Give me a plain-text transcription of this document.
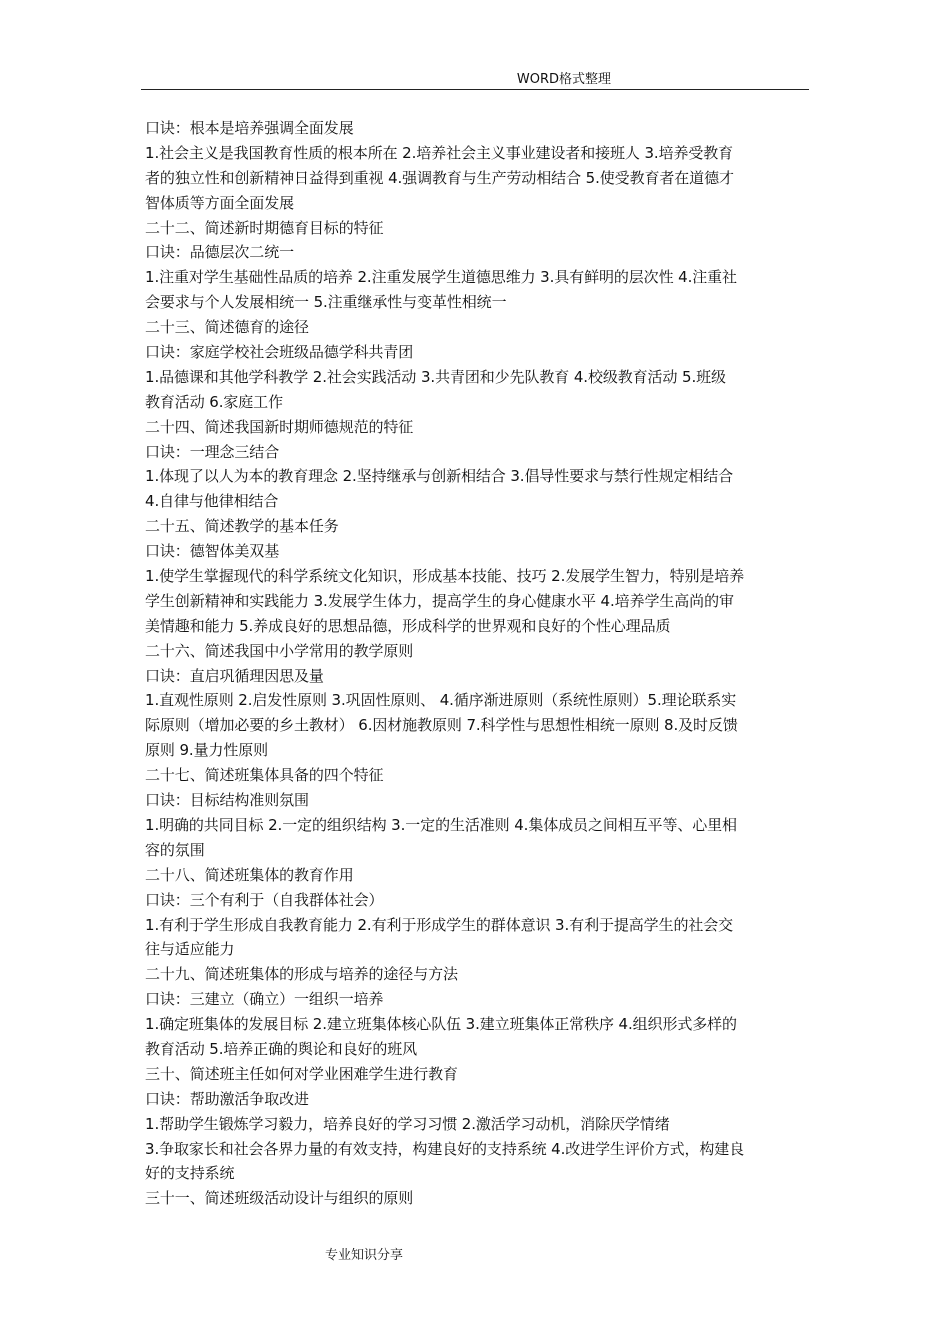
WORD格式整理
口诀：根本是培养强调全面发展
1.社会主义是我国教育性质的根本所在 2.培养社会主义事业建设者和接班人 3.培养受教育
者的独立性和创新精神日益得到重视 4.强调教育与生产劳动相结合 5.使受教育者在道德才
智体质等方面全面发展
二十二、简述新时期德育目标的特征
口诀：品德层次二统一
1.注重对学生基础性品质的培养 2.注重发展学生道德思维力 3.具有鲜明的层次性 4.注重社
会要求与个人发展相统一 5.注重继承性与变革性相统一
二十三、简述德育的途径
口诀：家庭学校社会班级品德学科共青团
1.品德课和其他学科教学 2.社会实践活动 3.共青团和少先队教育 4.校级教育活动 5.班级
教育活动 6.家庭工作
二十四、简述我国新时期师德规范的特征
口诀：一理念三结合
1.体现了以人为本的教育理念 2.坚持继承与创新相结合 3.倡导性要求与禁行性规定相结合
4.自律与他律相结合
二十五、简述教学的基本任务
口诀：德智体美双基
1.使学生掌握现代的科学系统文化知识，形成基本技能、技巧 2.发展学生智力，特别是培养
学生创新精神和实践能力 3.发展学生体力，提高学生的身心健康水平 4.培养学生高尚的审
美情趣和能力 5.养成良好的思想品德，形成科学的世界观和良好的个性心理品质
二十六、简述我国中小学常用的教学原则
口诀：直启巩循理因思及量
1.直观性原则 2.启发性原则 3.巩固性原则、 4.循序渐进原则（系统性原则）5.理论联系实
际原则（增加必要的乡土教材） 6.因材施教原则 7.科学性与思想性相统一原则 8.及时反馈
原则 9.量力性原则
二十七、简述班集体具备的四个特征
口诀：目标结构准则氛围
1.明确的共同目标 2.一定的组织结构 3.一定的生活准则 4.集体成员之间相互平等、心里相
容的氛围
二十八、简述班集体的教育作用
口诀：三个有利于（自我群体社会）
1.有利于学生形成自我教育能力 2.有利于形成学生的群体意识 3.有利于提高学生的社会交
往与适应能力
二十九、简述班集体的形成与培养的途径与方法
口诀：三建立（确立）一组织一培养
1.确定班集体的发展目标 2.建立班集体核心队伍 3.建立班集体正常秩序 4.组织形式多样的
教育活动 5.培养正确的舆论和良好的班风
三十、简述班主任如何对学业困难学生进行教育
口诀：帮助激活争取改进
1.帮助学生锻炼学习毅力，培养良好的学习习惯 2.激活学习动机，消除厌学情绪
3.争取家长和社会各界力量的有效支持，构建良好的支持系统 4.改进学生评价方式，构建良
好的支持系统
三十一、简述班级活动设计与组织的原则
专业知识分享
